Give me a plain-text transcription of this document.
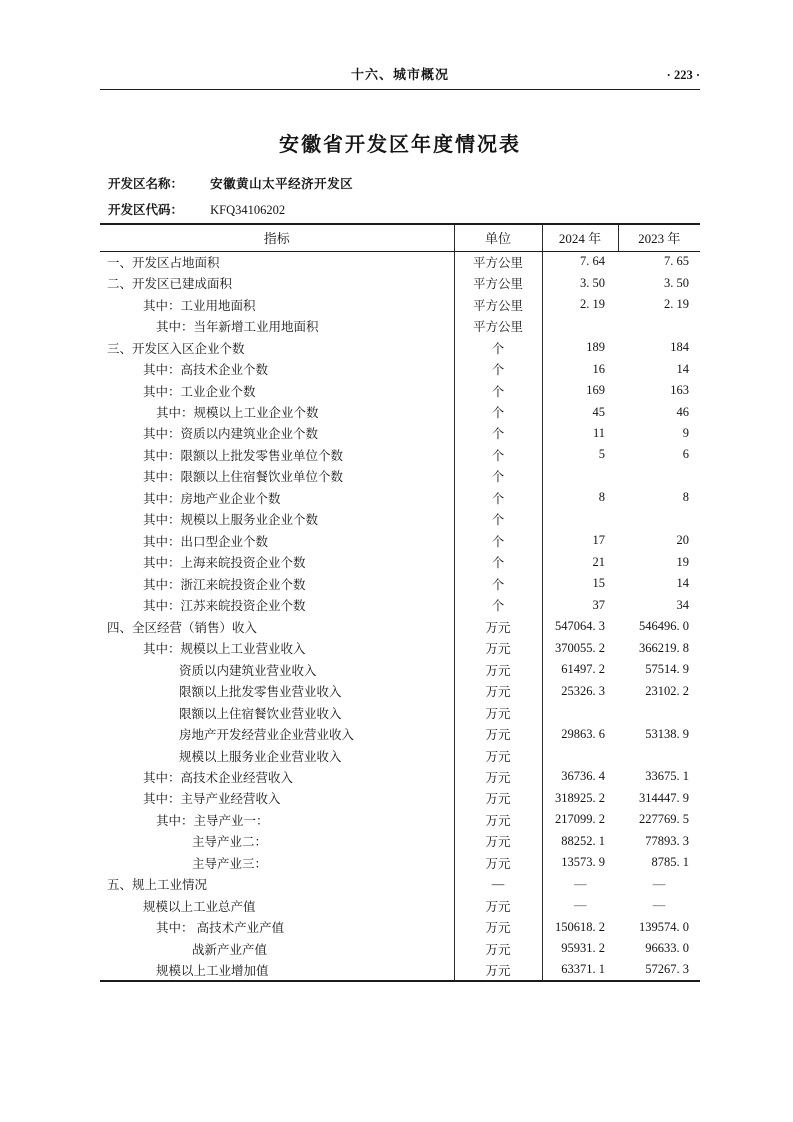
十六、城市概况	· 223 ·
安徽省开发区年度情况表
开发区名称： 安徽黄山太平经济开发区
开发区代码： KFQ34106202
指标	单位	2024 年	2023 年
一、开发区占地面积	平方公里	7. 64	7. 65
二、开发区已建成面积	平方公里	3. 50	3. 50
其中：工业用地面积	平方公里	2. 19	2. 19
其中：当年新增工业用地面积	平方公里		
三、开发区入区企业个数	个	189	184
其中：高技术企业个数	个	16	14
其中：工业企业个数	个	169	163
其中：规模以上工业企业个数	个	45	46
其中：资质以内建筑业企业个数	个	11	9
其中：限额以上批发零售业单位个数	个	5	6
其中：限额以上住宿餐饮业单位个数	个		
其中：房地产业企业个数	个	8	8
其中：规模以上服务业企业个数	个		
其中：出口型企业个数	个	17	20
其中：上海来皖投资企业个数	个	21	19
其中：浙江来皖投资企业个数	个	15	14
其中：江苏来皖投资企业个数	个	37	34
四、全区经营（销售）收入	万元	547064. 3	546496. 0
其中：规模以上工业营业收入	万元	370055. 2	366219. 8
资质以内建筑业营业收入	万元	61497. 2	57514. 9
限额以上批发零售业营业收入	万元	25326. 3	23102. 2
限额以上住宿餐饮业营业收入	万元		
房地产开发经营业企业营业收入	万元	29863. 6	53138. 9
规模以上服务业企业营业收入	万元		
其中：高技术企业经营收入	万元	36736. 4	33675. 1
其中：主导产业经营收入	万元	318925. 2	314447. 9
其中：主导产业一：	万元	217099. 2	227769. 5
主导产业二：	万元	88252. 1	77893. 3
主导产业三：	万元	13573. 9	8785. 1
五、规上工业情况	—	—	—
规模以上工业总产值	万元	—	—
其中： 高技术产业产值	万元	150618. 2	139574. 0
战新产业产值	万元	95931. 2	96633. 0
规模以上工业增加值	万元	63371. 1	57267. 3
